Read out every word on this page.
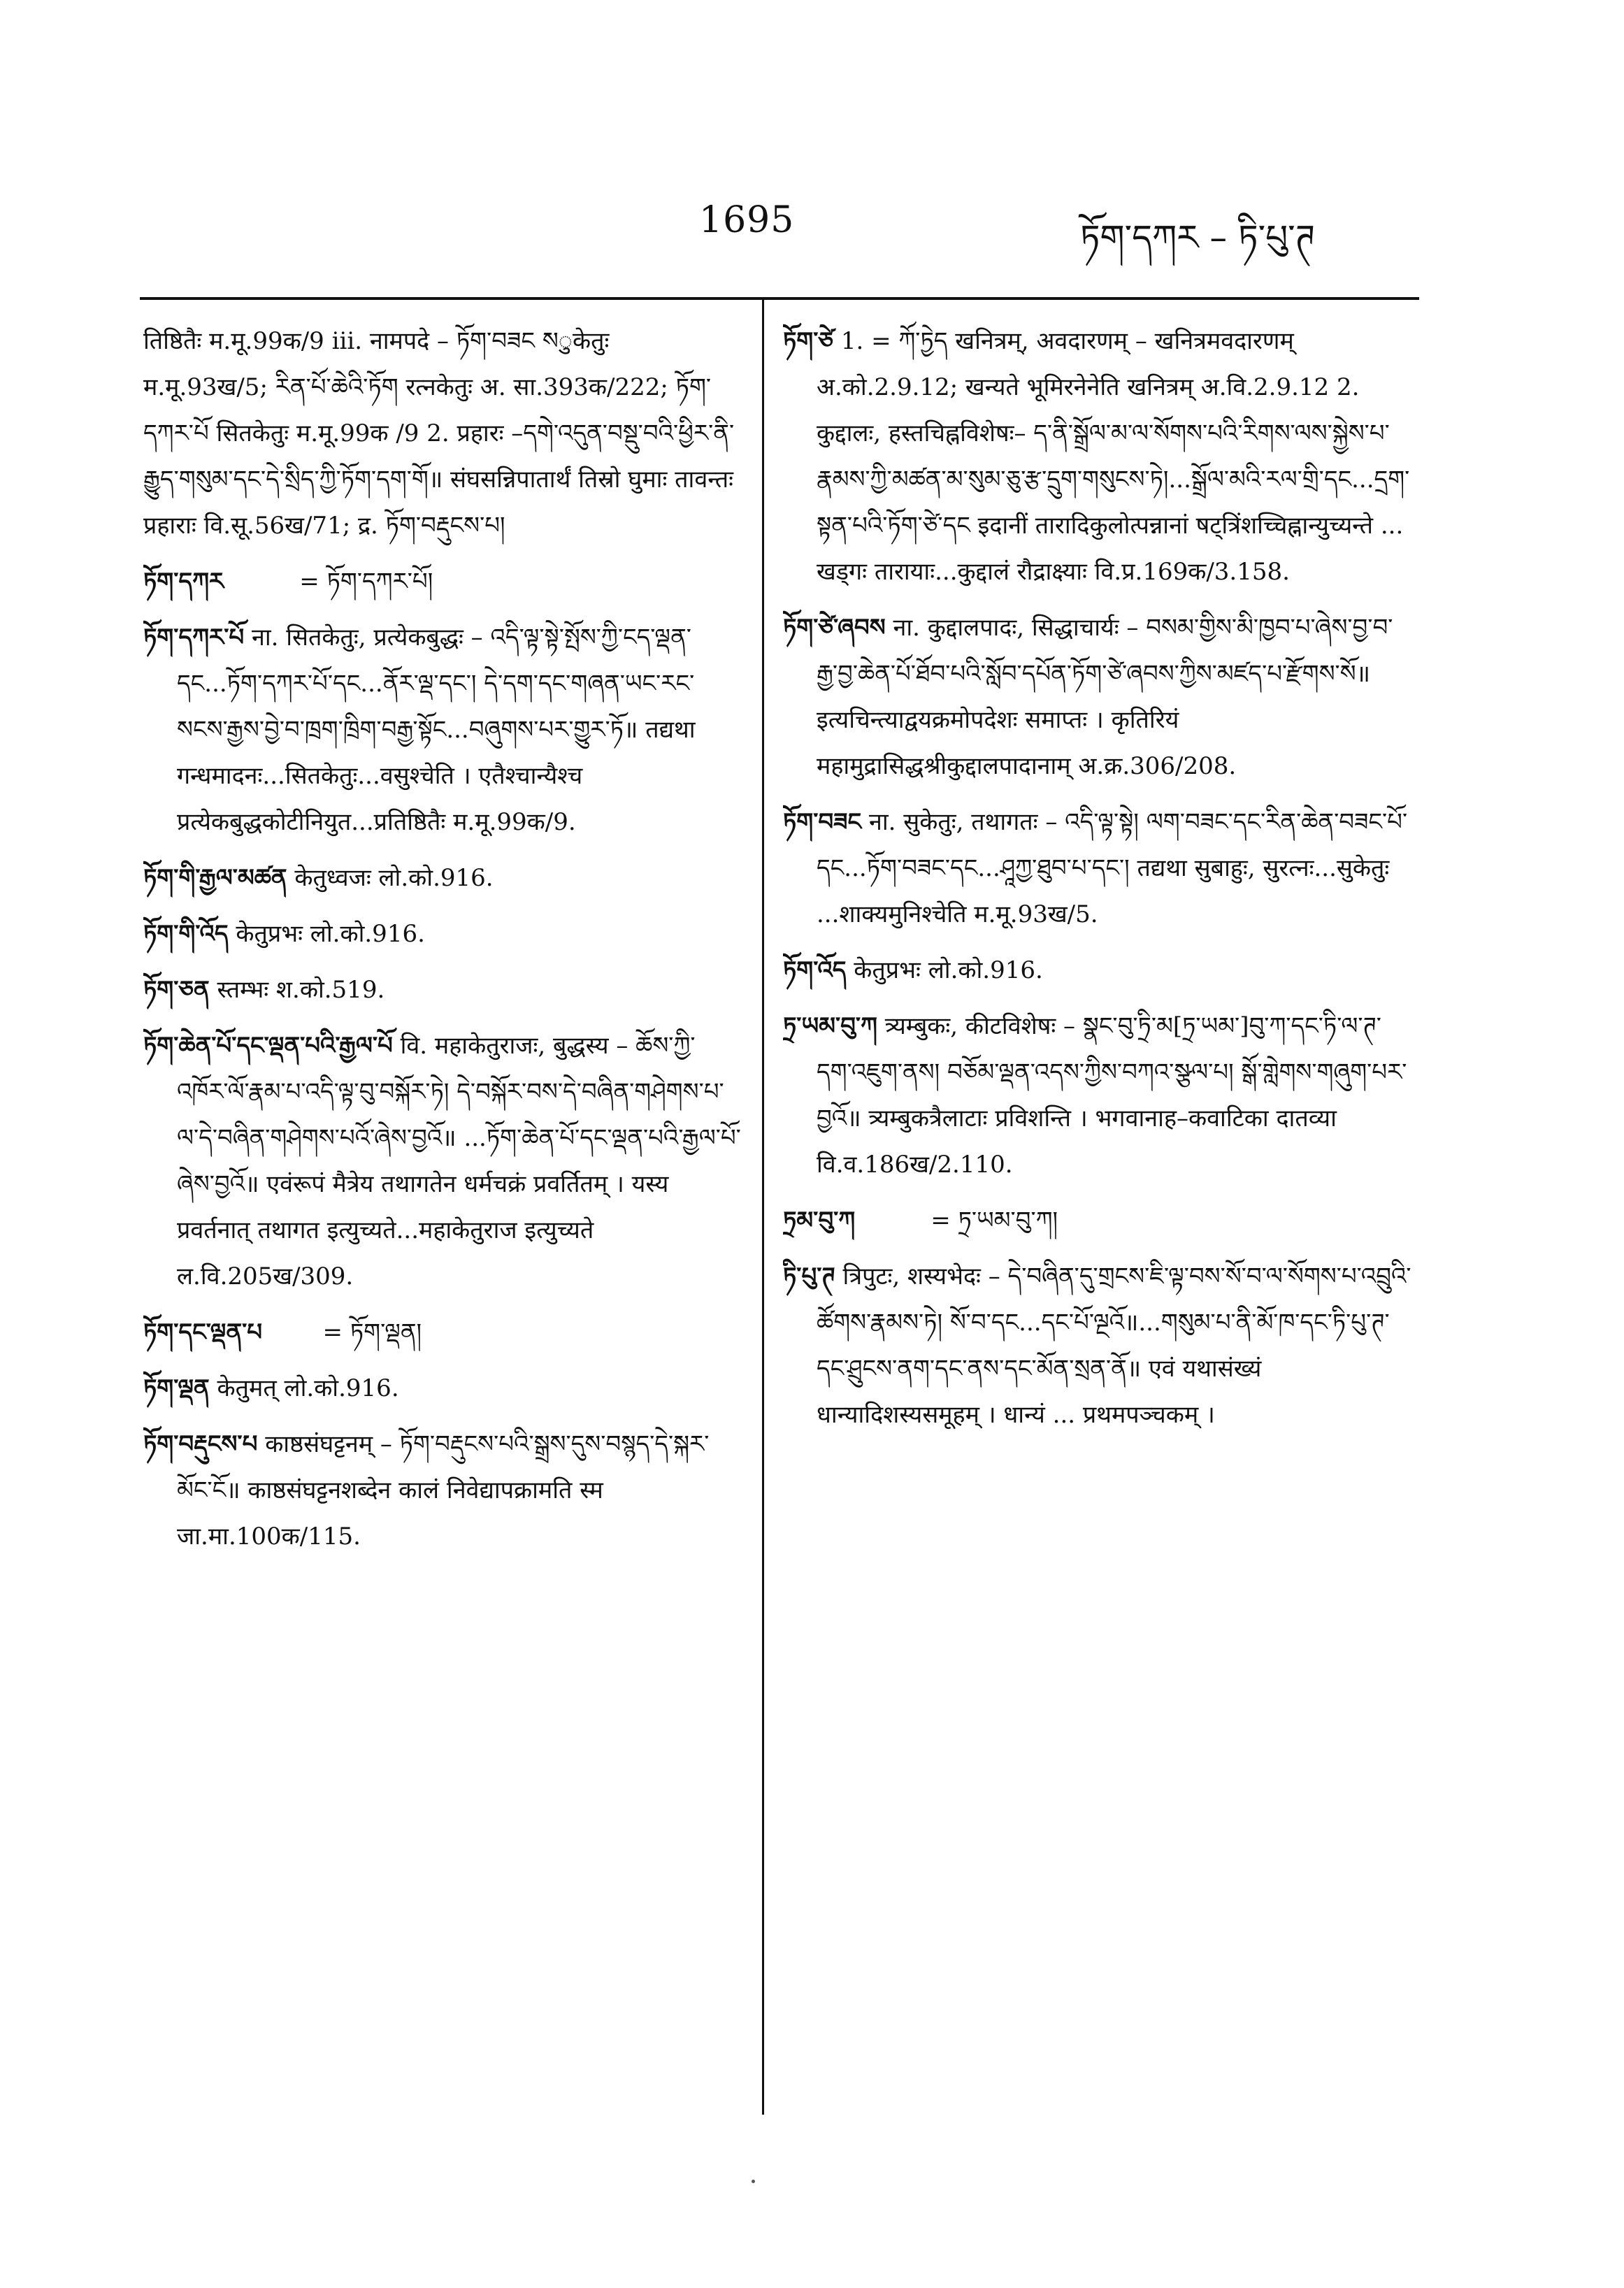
1695	ཏོག་དཀར – ཏི་པུ་ཊ

तिष्ठितैः म.मू.99क/9 iii. नामपदे – ཏོག་བཟང སुकेतुः म.मू.93ख/5; རིན་པོ་ཆེའི་ཏོག रत्नकेतुः अ. सा.393क/222; ཏོག་དཀར་པོ सितकेतुः म.मू.99क /9 2. प्रहारः –དགེ་འདུན་བསྡུ་བའི་ཕྱིར་ནི་རྒྱུད་གསུམ་དང་དེ་སྲིད་ཀྱི་ཏོག་དག་གོ॥ संघसन्निपातार्थं तिस्रो घुमाः तावन्तः प्रहाराः वि.सू.56ख/71; द्र. ཏོག་བརྡུངས་པ།

ཏོག་དཀར	= ཏོག་དཀར་པོ།

ཏོག་དཀར་པོ ना. सितकेतुः, प्रत्येकबुद्धः – འདི་ལྟ་སྟེ་སྤོས་ཀྱི་ངད་ལྡན་དང...ཏོག་དཀར་པོ་དང...ནོར་ལྡ་དང་། དེ་དག་དང་གཞན་ཡང་རང་སངས་རྒྱས་བྱེ་བ་ཁྲག་ཁྲིག་བརྒྱ་སྟོང...བཞུགས་པར་གྱུར་ཏོ॥ तद्यथा गन्धमादनः...सितकेतुः...वसुश्चेति । एतैश्चान्यैश्च प्रत्येकबुद्धकोटीनियुत...प्रतिष्ठितैः म.मू.99क/9.

ཏོག་གི་རྒྱལ་མཚན केतुध्वजः लो.को.916.

ཏོག་གི་འོད केतुप्रभः लो.को.916.

ཏོག་ཅན स्तम्भः श.को.519.

ཏོག་ཆེན་པོ་དང་ལྡན་པའི་རྒྱལ་པོ वि. महाकेतुराजः, बुद्धस्य – ཆོས་ཀྱི་འཁོར་ལོ་རྣམ་པ་འདི་ལྟ་བུ་བསྐོར་ཏེ། དེ་བསྐོར་བས་དེ་བཞིན་གཤེགས་པ་ལ་དེ་བཞིན་གཤེགས་པའོ་ཞེས་བྱའོ॥ ...ཏོག་ཆེན་པོ་དང་ལྡན་པའི་རྒྱལ་པོ་ཞེས་བྱའོ॥ एवंरूपं मैत्रेय तथागतेन धर्मचक्रं प्रवर्तितम् । यस्य प्रवर्तनात् तथागत इत्युच्यते...महाकेतुराज इत्युच्यते ल.वि.205ख/309.

ཏོག་དང་ལྡན་པ	= ཏོག་ལྡན།

ཏོག་ལྡན केतुमत् लो.को.916.

ཏོག་བརྡུངས་པ काष्ठसंघट्टनम् – ཏོག་བརྡུངས་པའི་སྒྲས་དུས་བསྙད་དེ་སྐར་མོང་ངོ॥ काष्ठसंघट्टनशब्देन कालं निवेद्यापक्रामति स्म जा.मा.100क/115.

ཏོག་ཙེ 1. = ཀོ་ཏྱེད खनित्रम्, अवदारणम् – खनित्रमवदारणम् अ.को.2.9.12; खन्यते भूमिरनेनेति खनित्रम् अ.वि.2.9.12 2. कुद्दालः, हस्तचिह्नविशेषः– ད་ནི་སྒྲོལ་མ་ལ་སོགས་པའི་རིགས་ལས་སྐྱེས་པ་རྣམས་ཀྱི་མཚན་མ་སུམ་ཅུ་རྩ་དྲུག་གསུངས་ཏེ།...སྒྲོལ་མའི་རལ་གྲི་དང...དྲག་སྟན་པའི་ཏོག་ཙེ་དང इदानीं तारादिकुलोत्पन्नानां षट्त्रिंशच्चिह्नान्युच्यन्ते ... खड्गः तारायाः...कुद्दालं रौद्राक्ष्याः वि.प्र.169क/3.158.

ཏོག་ཙེ་ཞབས ना. कुद्दालपादः, सिद्धाचार्यः – བསམ་གྱིས་མི་ཁྱབ་པ་ཞེས་བྱ་བ་རྒྱ་བྱ་ཆེན་པོ་ཐོབ་པའི་སློབ་དཔོན་ཏོག་ཙེ་ཞབས་ཀྱིས་མཛད་པ་རྫོགས་སོ॥ इत्यचिन्त्याद्वयक्रमोपदेशः समाप्तः । कृतिरियं महामुद्रासिद्धश्रीकुद्दालपादानाम् अ.क्र.306/208.

ཏོག་བཟང ना. सुकेतुः, तथागतः – འདི་ལྟ་སྟེ། ལག་བཟང་དང་རིན་ཆེན་བཟང་པོ་དང...ཏོག་བཟང་དང...ཤཱཀྱ་ཐུབ་པ་དང་། तद्यथा सुबाहुः, सुरत्नः...सुकेतुः ...शाक्यमुनिश्चेति म.मू.93ख/5.

ཏོག་འོད केतुप्रभः लो.को.916.

ཏྲ་ཡམ་བུ་ཀ त्र्यम्बुकः, कीटविशेषः – སྣང་བུ་ཏྲི་མ[ཏྲ་ཡམ་]བུ་ཀ་དང་ཏི་ལ་ཊ་དག་འཇུག་ནས། བཅོམ་ལྡན་འདས་ཀྱིས་བཀའ་སྩལ་པ། སྒོ་གླེགས་གཞུག་པར་བྱའོ॥ त्र्यम्बुकत्रैलाटाः प्रविशन्ति । भगवानाह–कवाटिका दातव्या वि.व.186ख/2.110.

ཏྲམ་བུ་ཀ	= ཏྲ་ཡམ་བུ་ཀ།

ཏི་པུ་ཊ त्रिपुटः, शस्यभेदः – དེ་བཞིན་དུ་གྲངས་ཇི་ལྟ་བས་སོ་བ་ལ་སོགས་པ་འབྲུའི་ཚོགས་རྣམས་ཏེ། སོ་བ་དང...དང་པོ་ལྔའོ॥...གསུམ་པ་ནི་མོ་ཁ་དང་ཏི་པུ་ཊ་དང་ཤྲུངས་ནག་དང་ནས་དང་མོན་སྲན་ནོ॥ एवं यथासंख्यं धान्यादिशस्यसमूहम् । धान्यं ... प्रथमपञ्चकम् ।
